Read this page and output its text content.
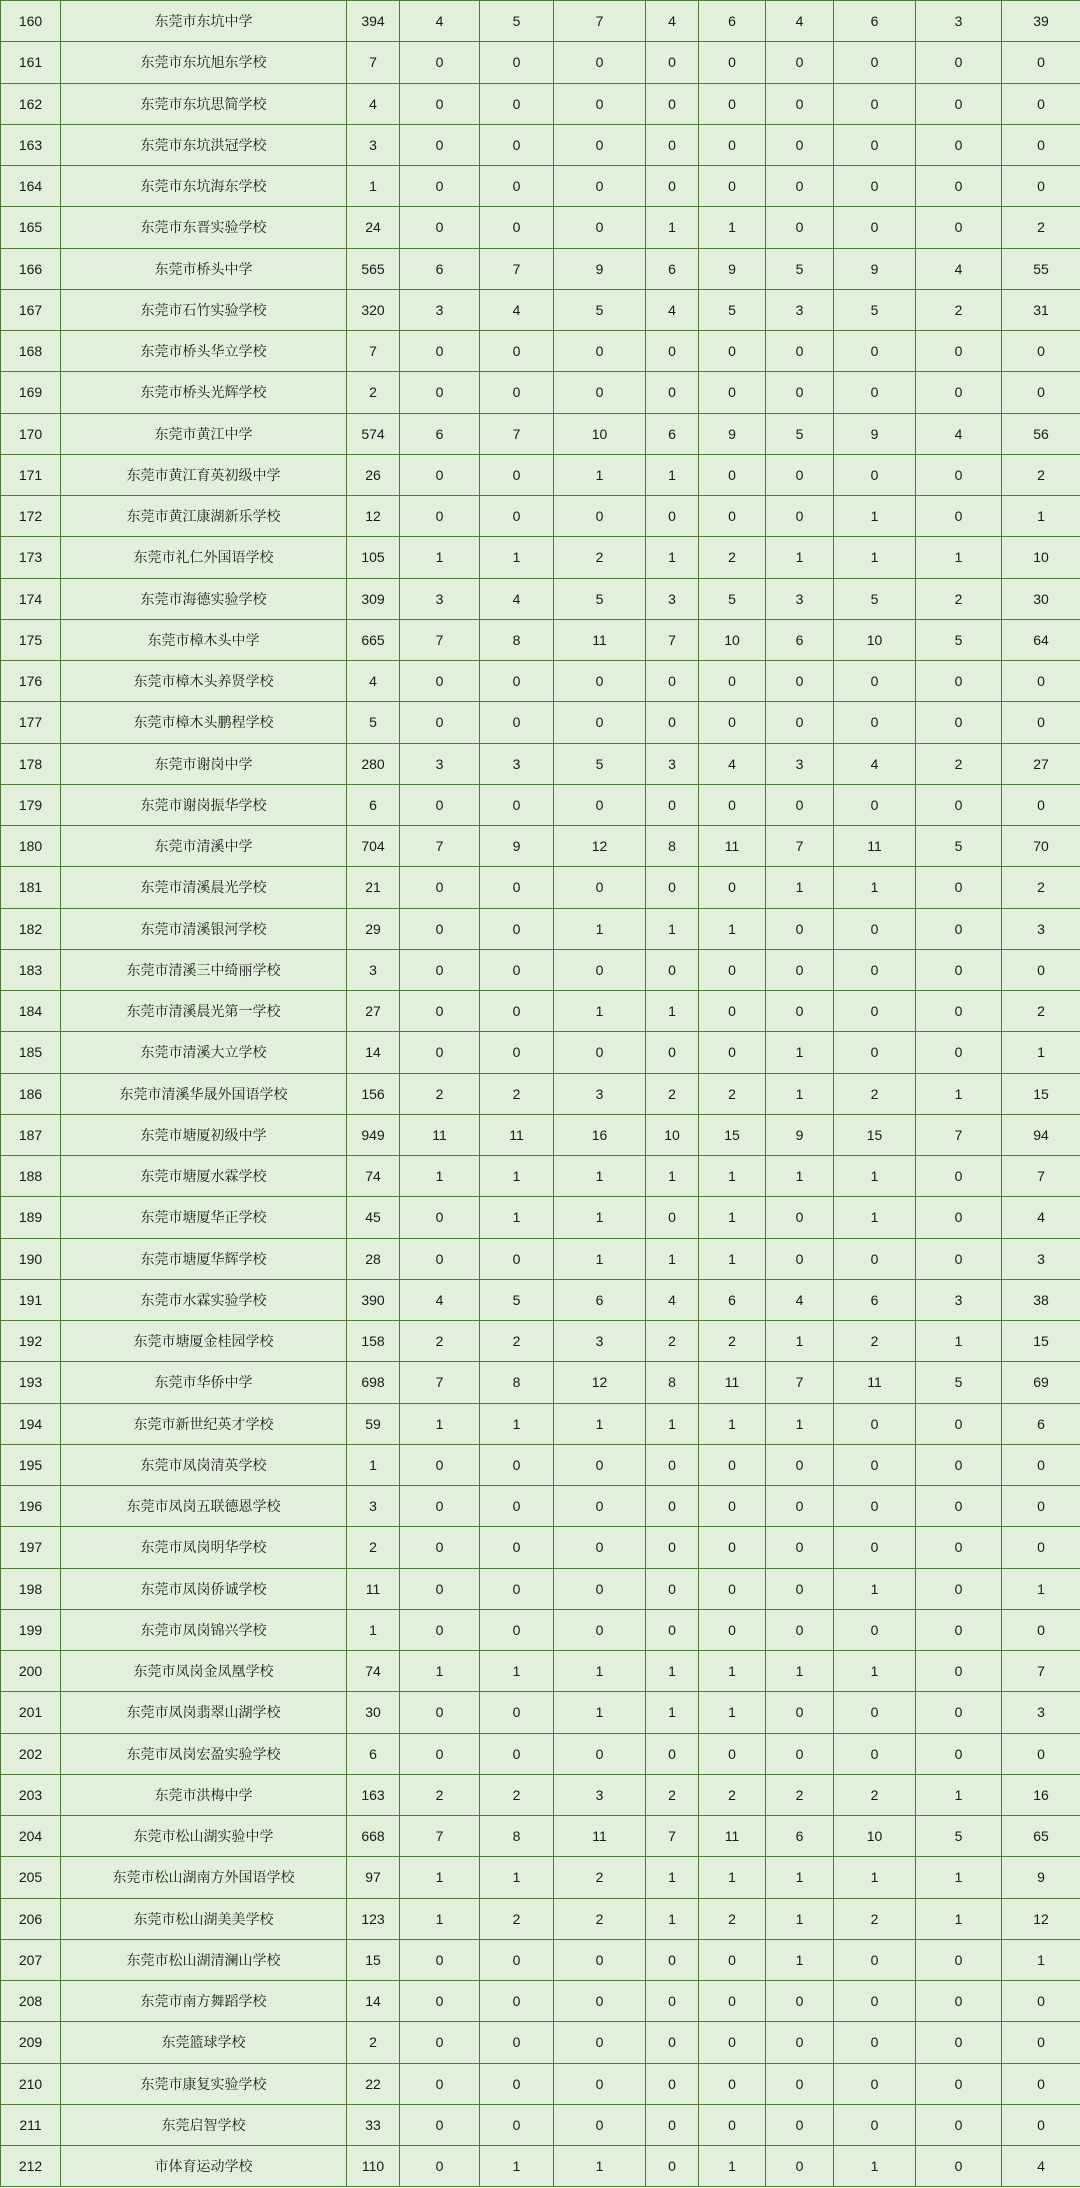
160	东莞市东坑中学	394	4	5	7	4	6	4	6	3	39
161	东莞市东坑旭东学校	7	0	0	0	0	0	0	0	0	0
162	东莞市东坑思简学校	4	0	0	0	0	0	0	0	0	0
163	东莞市东坑洪冠学校	3	0	0	0	0	0	0	0	0	0
164	东莞市东坑海东学校	1	0	0	0	0	0	0	0	0	0
165	东莞市东晋实验学校	24	0	0	0	1	1	0	0	0	2
166	东莞市桥头中学	565	6	7	9	6	9	5	9	4	55
167	东莞市石竹实验学校	320	3	4	5	4	5	3	5	2	31
168	东莞市桥头华立学校	7	0	0	0	0	0	0	0	0	0
169	东莞市桥头光辉学校	2	0	0	0	0	0	0	0	0	0
170	东莞市黄江中学	574	6	7	10	6	9	5	9	4	56
171	东莞市黄江育英初级中学	26	0	0	1	1	0	0	0	0	2
172	东莞市黄江康湖新乐学校	12	0	0	0	0	0	0	1	0	1
173	东莞市礼仁外国语学校	105	1	1	2	1	2	1	1	1	10
174	东莞市海德实验学校	309	3	4	5	3	5	3	5	2	30
175	东莞市樟木头中学	665	7	8	11	7	10	6	10	5	64
176	东莞市樟木头养贤学校	4	0	0	0	0	0	0	0	0	0
177	东莞市樟木头鹏程学校	5	0	0	0	0	0	0	0	0	0
178	东莞市谢岗中学	280	3	3	5	3	4	3	4	2	27
179	东莞市谢岗振华学校	6	0	0	0	0	0	0	0	0	0
180	东莞市清溪中学	704	7	9	12	8	11	7	11	5	70
181	东莞市清溪晨光学校	21	0	0	0	0	0	1	1	0	2
182	东莞市清溪银河学校	29	0	0	1	1	1	0	0	0	3
183	东莞市清溪三中绮丽学校	3	0	0	0	0	0	0	0	0	0
184	东莞市清溪晨光第一学校	27	0	0	1	1	0	0	0	0	2
185	东莞市清溪大立学校	14	0	0	0	0	0	1	0	0	1
186	东莞市清溪华晟外国语学校	156	2	2	3	2	2	1	2	1	15
187	东莞市塘厦初级中学	949	11	11	16	10	15	9	15	7	94
188	东莞市塘厦水霖学校	74	1	1	1	1	1	1	1	0	7
189	东莞市塘厦华正学校	45	0	1	1	0	1	0	1	0	4
190	东莞市塘厦华辉学校	28	0	0	1	1	1	0	0	0	3
191	东莞市水霖实验学校	390	4	5	6	4	6	4	6	3	38
192	东莞市塘厦金桂园学校	158	2	2	3	2	2	1	2	1	15
193	东莞市华侨中学	698	7	8	12	8	11	7	11	5	69
194	东莞市新世纪英才学校	59	1	1	1	1	1	1	0	0	6
195	东莞市凤岗清英学校	1	0	0	0	0	0	0	0	0	0
196	东莞市凤岗五联德恩学校	3	0	0	0	0	0	0	0	0	0
197	东莞市凤岗明华学校	2	0	0	0	0	0	0	0	0	0
198	东莞市凤岗侨诚学校	11	0	0	0	0	0	0	1	0	1
199	东莞市凤岗锦兴学校	1	0	0	0	0	0	0	0	0	0
200	东莞市凤岗金凤凰学校	74	1	1	1	1	1	1	1	0	7
201	东莞市凤岗翡翠山湖学校	30	0	0	1	1	1	0	0	0	3
202	东莞市凤岗宏盈实验学校	6	0	0	0	0	0	0	0	0	0
203	东莞市洪梅中学	163	2	2	3	2	2	2	2	1	16
204	东莞市松山湖实验中学	668	7	8	11	7	11	6	10	5	65
205	东莞市松山湖南方外国语学校	97	1	1	2	1	1	1	1	1	9
206	东莞市松山湖美美学校	123	1	2	2	1	2	1	2	1	12
207	东莞市松山湖清澜山学校	15	0	0	0	0	0	1	0	0	1
208	东莞市南方舞蹈学校	14	0	0	0	0	0	0	0	0	0
209	东莞篮球学校	2	0	0	0	0	0	0	0	0	0
210	东莞市康复实验学校	22	0	0	0	0	0	0	0	0	0
211	东莞启智学校	33	0	0	0	0	0	0	0	0	0
212	市体育运动学校	110	0	1	1	0	1	0	1	0	4
